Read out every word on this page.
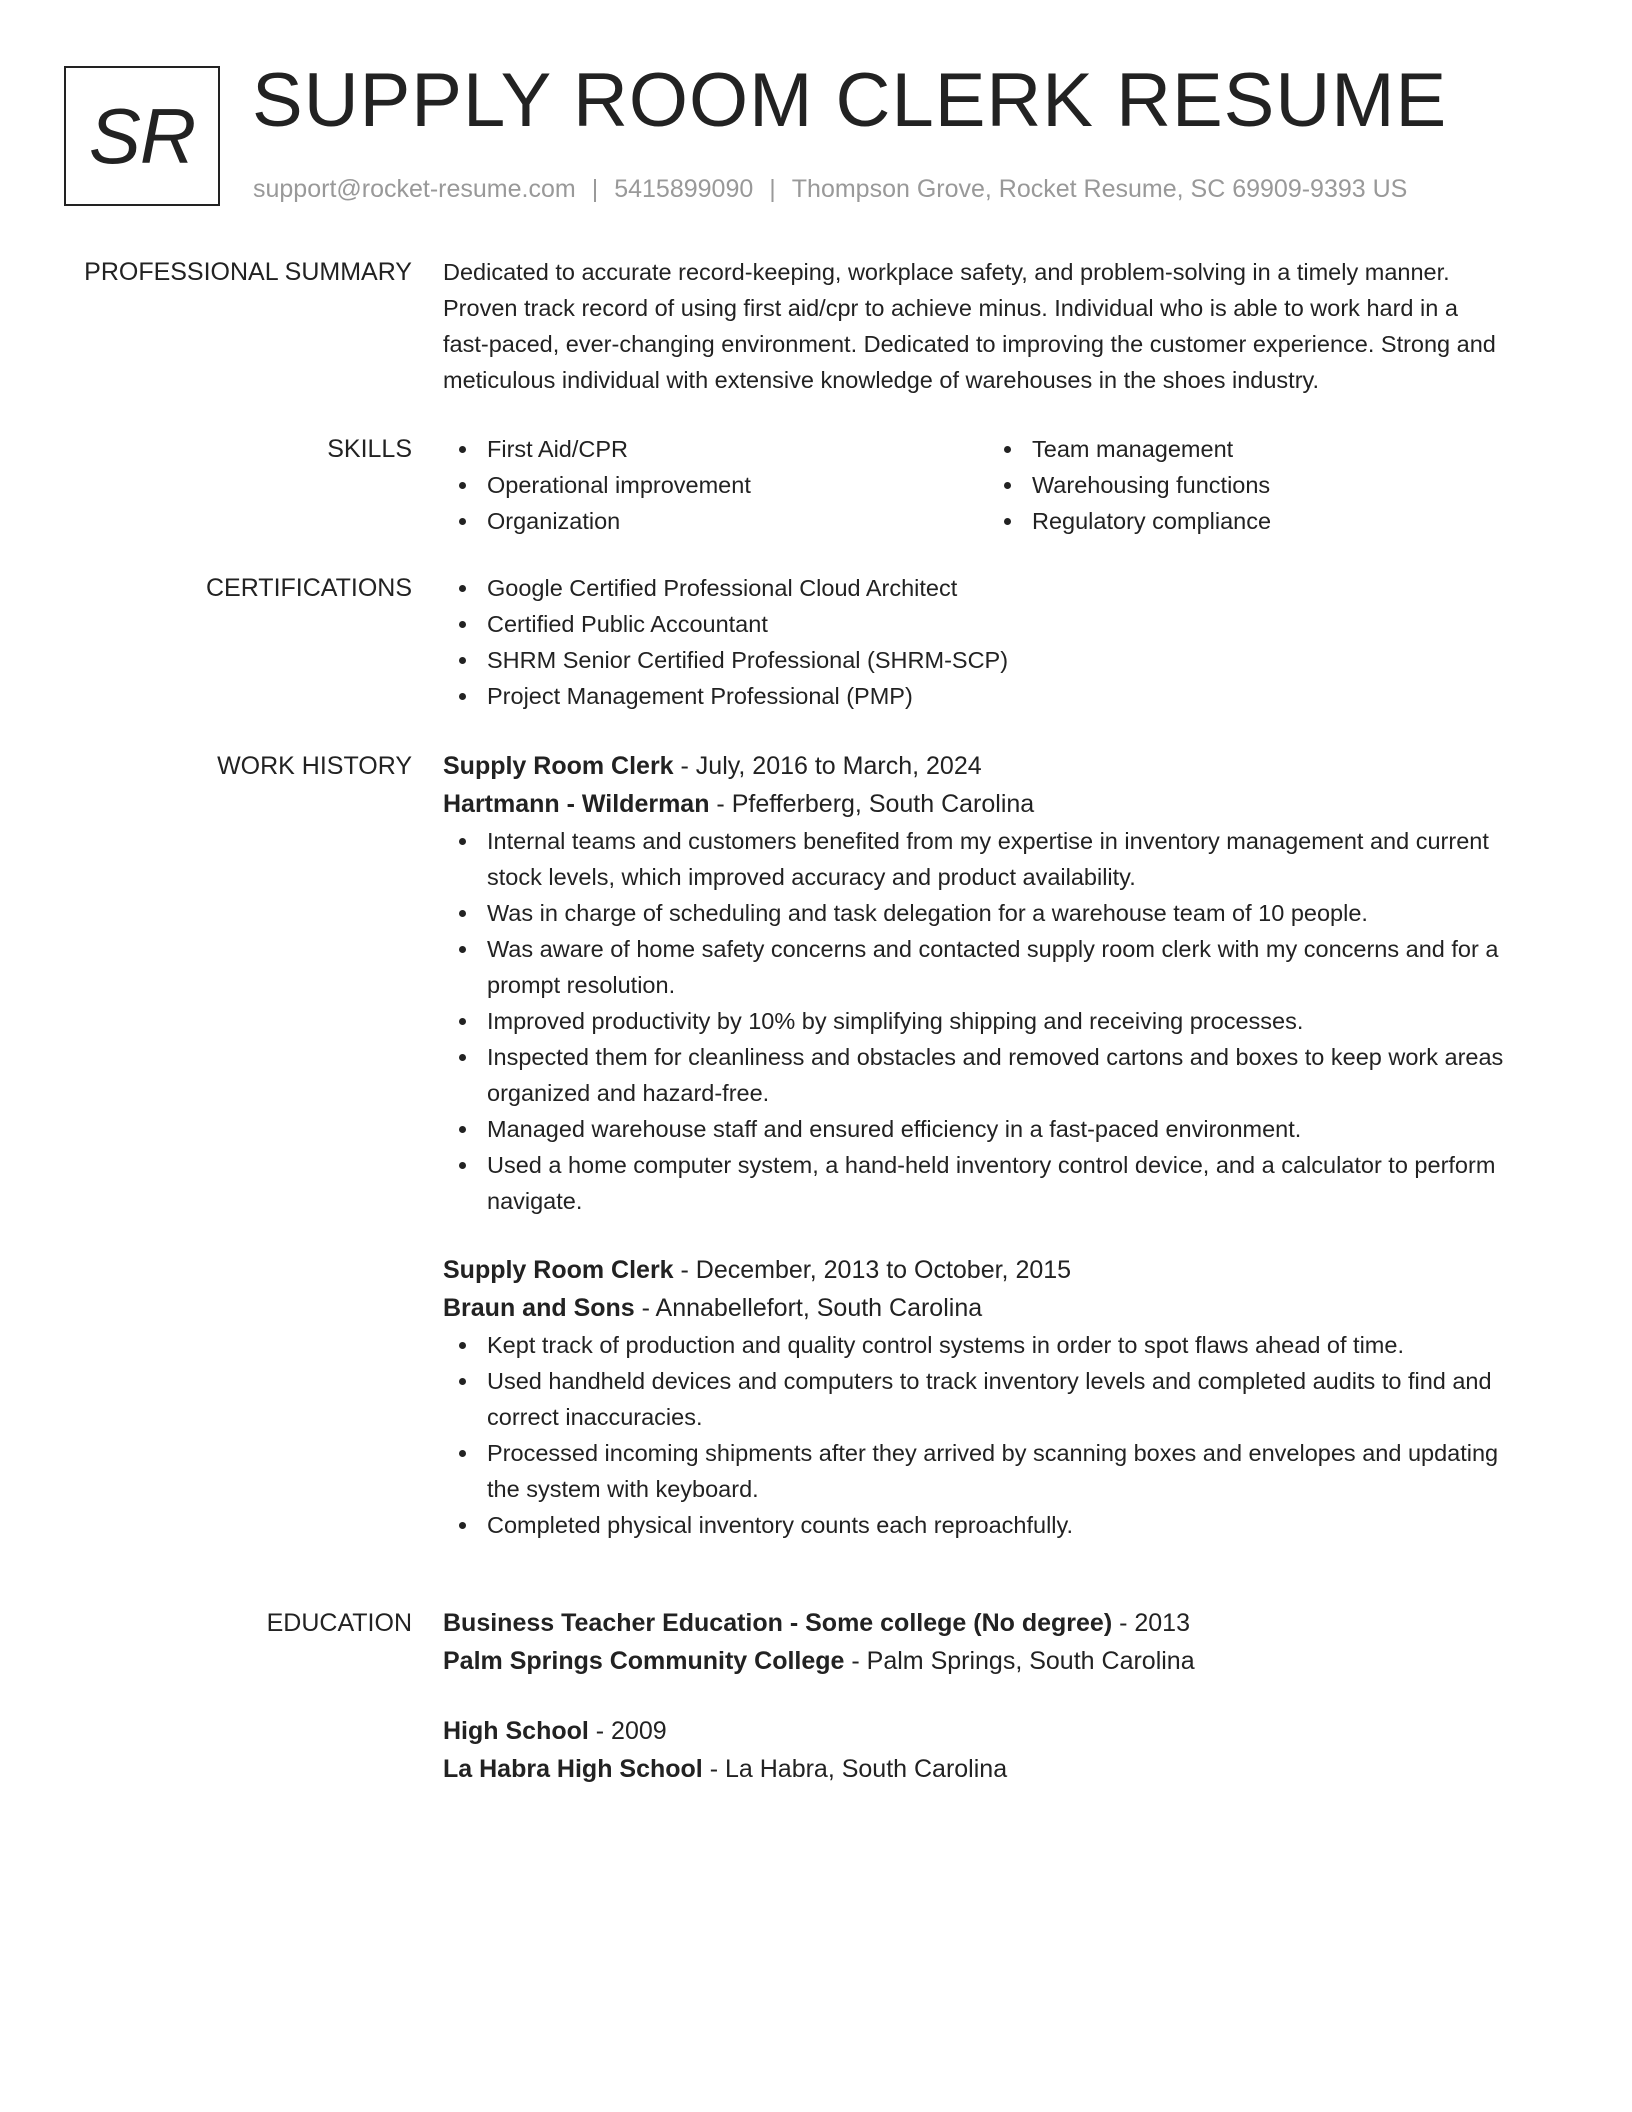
SR SUPPLY ROOM CLERK RESUME
support@rocket-resume.com | 5415899090 | Thompson Grove, Rocket Resume, SC 69909-9393 US
PROFESSIONAL SUMMARY Dedicated to accurate record-keeping, workplace safety, and problem-solving in a timely manner.
Proven track record of using first aid/cpr to achieve minus. Individual who is able to work hard in a
fast-paced, ever-changing environment. Dedicated to improving the customer experience. Strong and
meticulous individual with extensive knowledge of warehouses in the shoes industry.
SKILLS	First Aid/CPR
Operational improvement
Organization
Team management
Warehousing functions
Regulatory compliance
CERTIFICATIONS	Google Certified Professional Cloud Architect
Certified Public Accountant
SHRM Senior Certified Professional (SHRM-SCP)
Project Management Professional (PMP)
WORK HISTORY Supply Room Clerk - July, 2016 to March, 2024
Hartmann - Wilderman - Pfefferberg, South Carolina
Internal teams and customers benefited from my expertise in inventory management and current
stock levels, which improved accuracy and product availability.
Was in charge of scheduling and task delegation for a warehouse team of 10 people.
Was aware of home safety concerns and contacted supply room clerk with my concerns and for a
prompt resolution.
Improved productivity by 10% by simplifying shipping and receiving processes.
Inspected them for cleanliness and obstacles and removed cartons and boxes to keep work areas
organized and hazard-free.
Managed warehouse staff and ensured efficiency in a fast-paced environment.
Used a home computer system, a hand-held inventory control device, and a calculator to perform
navigate.
Supply Room Clerk - December, 2013 to October, 2015
Braun and Sons - Annabellefort, South Carolina
Kept track of production and quality control systems in order to spot flaws ahead of time.
Used handheld devices and computers to track inventory levels and completed audits to find and
correct inaccuracies.
Processed incoming shipments after they arrived by scanning boxes and envelopes and updating
the system with keyboard.
Completed physical inventory counts each reproachfully.
EDUCATION Business Teacher Education - Some college (No degree) - 2013
Palm Springs Community College - Palm Springs, South Carolina
High School - 2009
La Habra High School - La Habra, South Carolina
